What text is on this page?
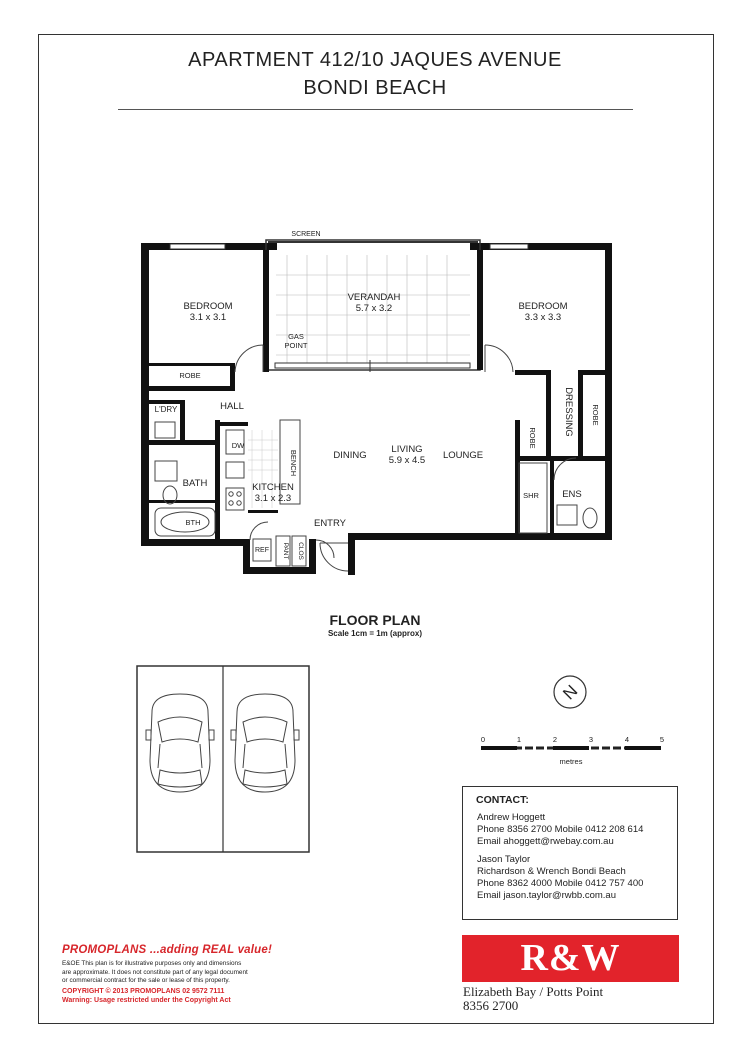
APARTMENT 412/10 JAQUES AVENUE
BONDI BEACH
SCREEN
VERANDAH
5.7 x 3.2
GAS
POINT
BEDROOM
3.1 x 3.1
BEDROOM
3.3 x 3.3
ROBE
HALL
L'DRY
BATH
BTH
DW
KITCHEN
3.1 x 2.3
DINING
LIVING
5.9 x 4.5 LOUNGE
SHR ENS
ENTRY
REF
BENCH
ROBE
ROBE
DRESSING
PANT CLOS
N
0	1	2	3	4	5
metres
FLOOR PLAN
Scale 1cm = 1m (approx)
CONTACT:
Andrew Hoggett
Phone 8356 2700 Mobile 0412 208 614
Email ahoggett@rwebay.com.au
Jason Taylor
Richardson & Wrench Bondi Beach
Phone 8362 4000 Mobile 0412 757 400
Email jason.taylor@rwbb.com.au
R&W
Elizabeth Bay / Potts Point
8356 2700
PROMOPLANS ...adding REAL value!
E&OE This plan is for illustrative purposes only and dimensions
are approximate. It does not constitute part of any legal document
or commercial contract for the sale or lease of this property.
COPYRIGHT © 2013 PROMOPLANS 02 9572 7111
Warning: Usage restricted under the Copyright Act
